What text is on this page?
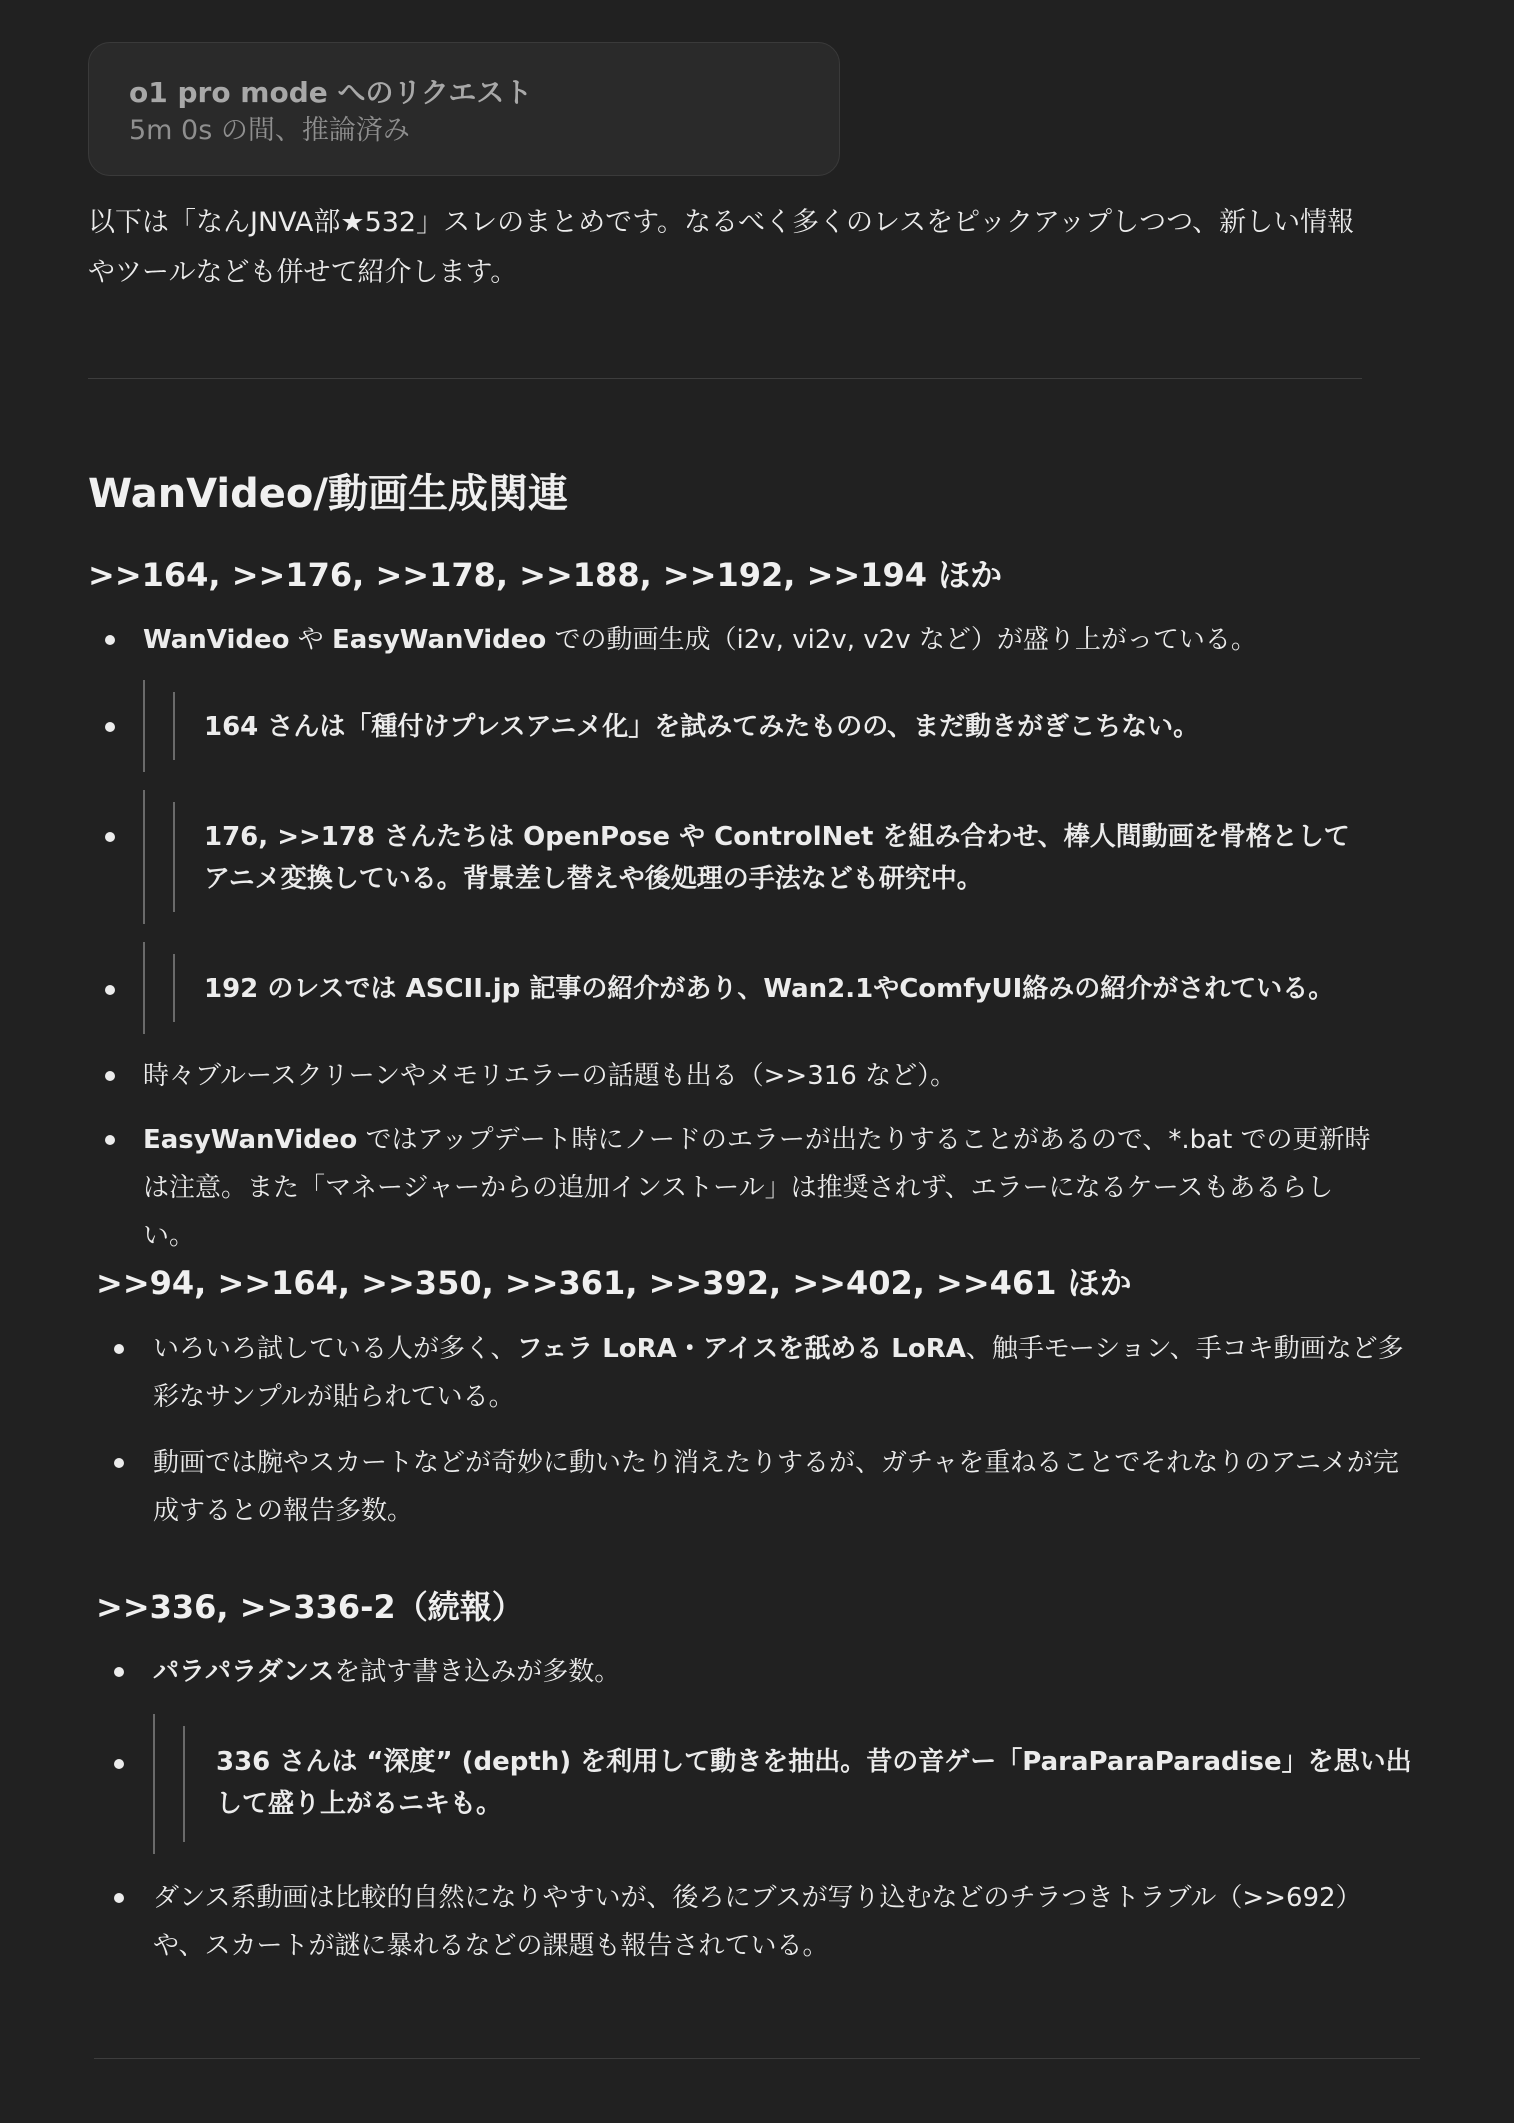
o1 pro mode へのリクエスト
5m 0s の間、推論済み
以下は「なんJNVA部★532」スレのまとめです。なるべく多くのレスをピックアップしつつ、新しい情報やツールなども併せて紹介します。
WanVideo/動画生成関連
>>164, >>176, >>178, >>188, >>192, >>194 ほか
WanVideo や EasyWanVideo での動画生成（i2v, vi2v, v2v など）が盛り上がっている。
164 さんは「種付けプレスアニメ化」を試みてみたものの、まだ動きがぎこちない。
176, >>178 さんたちは OpenPose や ControlNet を組み合わせ、棒人間動画を骨格としてアニメ変換している。背景差し替えや後処理の手法なども研究中。
192 のレスでは ASCII.jp 記事の紹介があり、Wan2.1やComfyUI絡みの紹介がされている。
時々ブルースクリーンやメモリエラーの話題も出る（>>316 など）。
EasyWanVideo ではアップデート時にノードのエラーが出たりすることがあるので、*.bat での更新時は注意。また「マネージャーからの追加インストール」は推奨されず、エラーになるケースもあるらしい。
>>94, >>164, >>350, >>361, >>392, >>402, >>461 ほか
いろいろ試している人が多く、フェラ LoRA・アイスを舐める LoRA、触手モーション、手コキ動画など多彩なサンプルが貼られている。
動画では腕やスカートなどが奇妙に動いたり消えたりするが、ガチャを重ねることでそれなりのアニメが完成するとの報告多数。
>>336, >>336-2（続報）
パラパラダンスを試す書き込みが多数。
336 さんは “深度” (depth) を利用して動きを抽出。昔の音ゲー「ParaParaParadise」を思い出して盛り上がるニキも。
ダンス系動画は比較的自然になりやすいが、後ろにブスが写り込むなどのチラつきトラブル（>>692）や、スカートが謎に暴れるなどの課題も報告されている。
